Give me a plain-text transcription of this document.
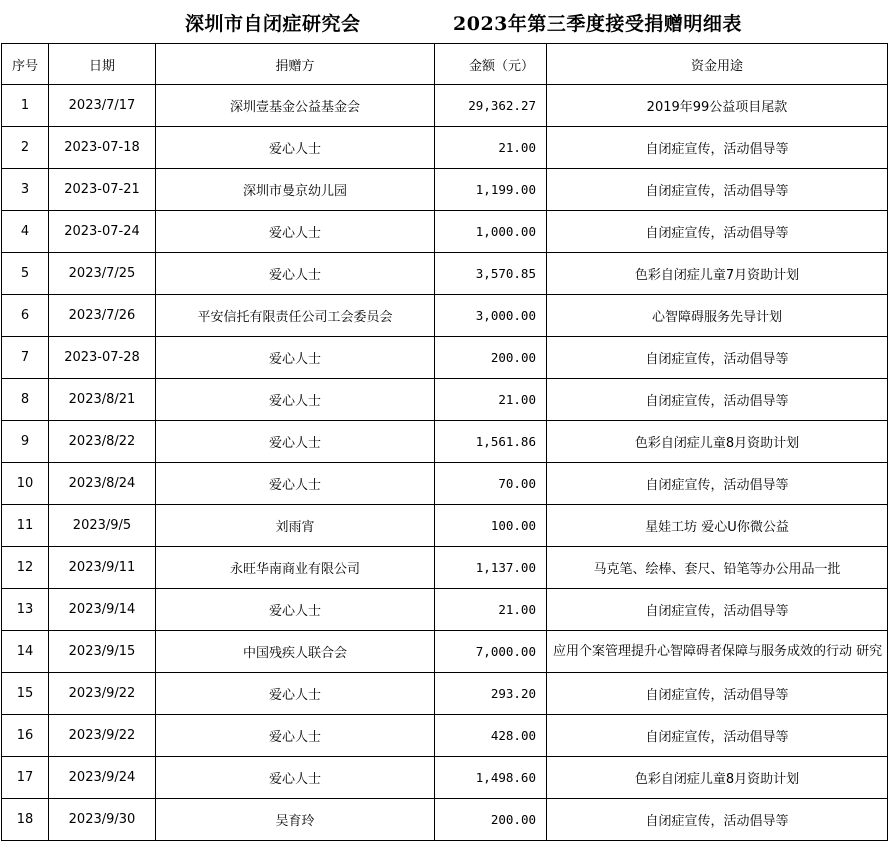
深圳市自闭症研究会	2023年第三季度接受捐赠明细表
序号	日期	捐赠方	金额（元）	资金用途
1	2023/7/17	深圳壹基金公益基金会	29,362.27	2019年99公益项目尾款
2	2023-07-18	爱心人士	21.00	自闭症宣传，活动倡导等
3	2023-07-21	深圳市曼京幼儿园	1,199.00	自闭症宣传，活动倡导等
4	2023-07-24	爱心人士	1,000.00	自闭症宣传，活动倡导等
5	2023/7/25	爱心人士	3,570.85	色彩自闭症儿童7月资助计划
6	2023/7/26	平安信托有限责任公司工会委员会	3,000.00	心智障碍服务先导计划
7	2023-07-28	爱心人士	200.00	自闭症宣传，活动倡导等
8	2023/8/21	爱心人士	21.00	自闭症宣传，活动倡导等
9	2023/8/22	爱心人士	1,561.86	色彩自闭症儿童8月资助计划
10	2023/8/24	爱心人士	70.00	自闭症宣传，活动倡导等
11	2023/9/5	刘雨宵	100.00	星娃工坊 爱心U你微公益
12	2023/9/11	永旺华南商业有限公司	1,137.00	马克笔、绘棒、套尺、铅笔等办公用品一批
13	2023/9/14	爱心人士	21.00	自闭症宣传，活动倡导等
14	2023/9/15	中国残疾人联合会	7,000.00	应用个案管理提升心智障碍者保障与服务成效的行动 研究
15	2023/9/22	爱心人士	293.20	自闭症宣传，活动倡导等
16	2023/9/22	爱心人士	428.00	自闭症宣传，活动倡导等
17	2023/9/24	爱心人士	1,498.60	色彩自闭症儿童8月资助计划
18	2023/9/30	吴育玲	200.00	自闭症宣传，活动倡导等
